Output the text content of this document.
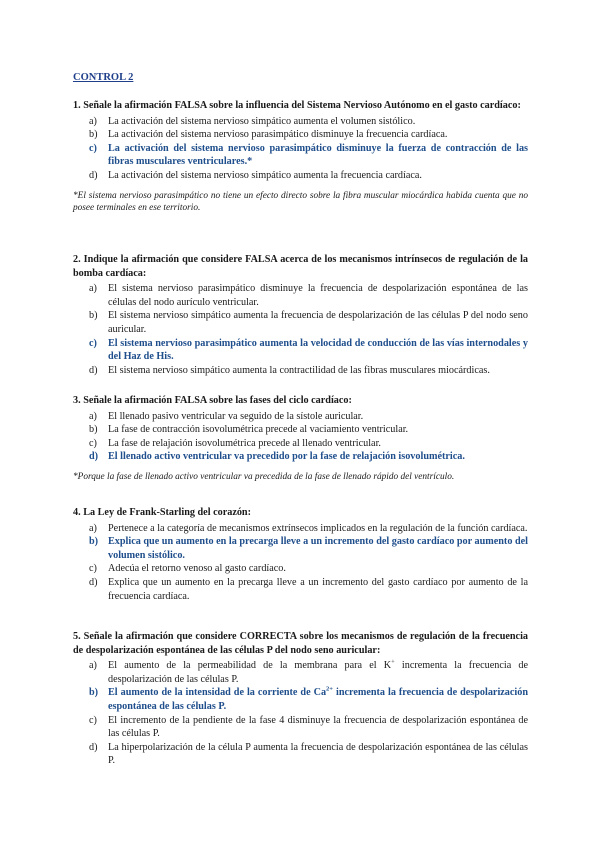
CONTROL 2
1. Señale la afirmación FALSA sobre la influencia del Sistema Nervioso Autónomo en el gasto cardíaco:
a) La activación del sistema nervioso simpático aumenta el volumen sistólico.
b) La activación del sistema nervioso parasimpático disminuye la frecuencia cardíaca.
c) La activación del sistema nervioso parasimpático disminuye la fuerza de contracción de las fibras musculares ventriculares.*
d) La activación del sistema nervioso simpático aumenta la frecuencia cardíaca.
*El sistema nervioso parasimpático no tiene un efecto directo sobre la fibra muscular miocárdica habida cuenta que no posee terminales en ese territorio.
2. Indique la afirmación que considere FALSA acerca de los mecanismos intrínsecos de regulación de la bomba cardíaca:
a) El sistema nervioso parasimpático disminuye la frecuencia de despolarización espontánea de las células del nodo aurículo ventricular.
b) El sistema nervioso simpático aumenta la frecuencia de despolarización de las células P del nodo seno auricular.
c) El sistema nervioso parasimpático aumenta la velocidad de conducción de las vías internodales y del Haz de His.
d) El sistema nervioso simpático aumenta la contractilidad de las fibras musculares miocárdicas.
3. Señale la afirmación FALSA sobre las fases del ciclo cardíaco:
a) El llenado pasivo ventricular va seguido de la sístole auricular.
b) La fase de contracción isovolumétrica precede al vaciamiento ventricular.
c) La fase de relajación isovolumétrica precede al llenado ventricular.
d) El llenado activo ventricular va precedido por la fase de relajación isovolumétrica.
*Porque la fase de llenado activo ventricular va precedida de la fase de llenado rápido del ventrículo.
4. La Ley de Frank-Starling del corazón:
a) Pertenece a la categoría de mecanismos extrínsecos implicados en la regulación de la función cardíaca.
b) Explica que un aumento en la precarga lleve a un incremento del gasto cardíaco por aumento del volumen sistólico.
c) Adecúa el retorno venoso al gasto cardíaco.
d) Explica que un aumento en la precarga lleve a un incremento del gasto cardíaco por aumento de la frecuencia cardíaca.
5. Señale la afirmación que considere CORRECTA sobre los mecanismos de regulación de la frecuencia de despolarización espontánea de las células P del nodo seno auricular:
a) El aumento de la permeabilidad de la membrana para el K+ incrementa la frecuencia de despolarización de las células P.
b) El aumento de la intensidad de la corriente de $Ca^{2+}$ incrementa la frecuencia de despolarización espontánea de las células P.
c) El incremento de la pendiente de la fase 4 disminuye la frecuencia de despolarización espontánea de las células P.
d) La hiperpolarización de la célula P aumenta la frecuencia de despolarización espontánea de las células P.
